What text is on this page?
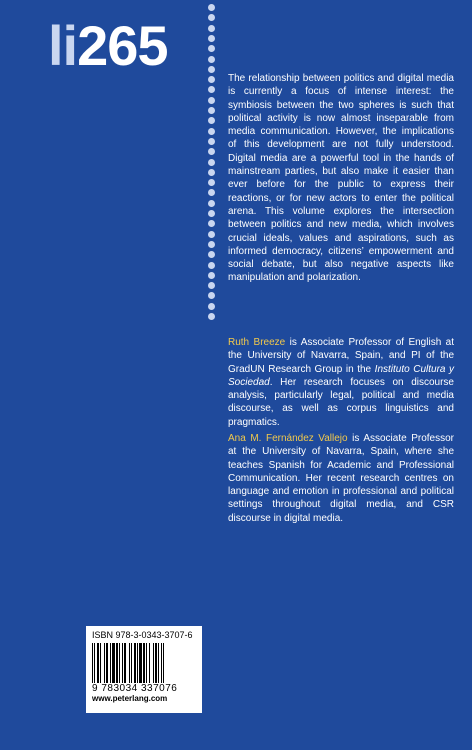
li265
The relationship between politics and digital media is currently a focus of intense interest: the symbiosis between the two spheres is such that political activity is now almost inseparable from media communication. However, the implications of this development are not fully understood. Digital media are a powerful tool in the hands of mainstream parties, but also make it easier than ever before for the public to express their reactions, or for new actors to enter the political arena. This volume explores the intersection between politics and new media, which involves crucial ideals, values and aspirations, such as informed democracy, citizens’ empowerment and social debate, but also negative aspects like manipulation and polarization.
Ruth Breeze is Associate Professor of English at the University of Navarra, Spain, and PI of the GradUN Research Group in the Instituto Cultura y Sociedad. Her research focuses on discourse analysis, particularly legal, political and media discourse, as well as corpus linguistics and pragmatics.
Ana M. Fernández Vallejo is Associate Professor at the University of Navarra, Spain, where she teaches Spanish for Academic and Professional Communication. Her recent research centres on language and emotion in professional and political settings throughout digital media, and CSR discourse in digital media.
ISBN 978-3-0343-3707-6
9 783034 337076
www.peterlang.com
